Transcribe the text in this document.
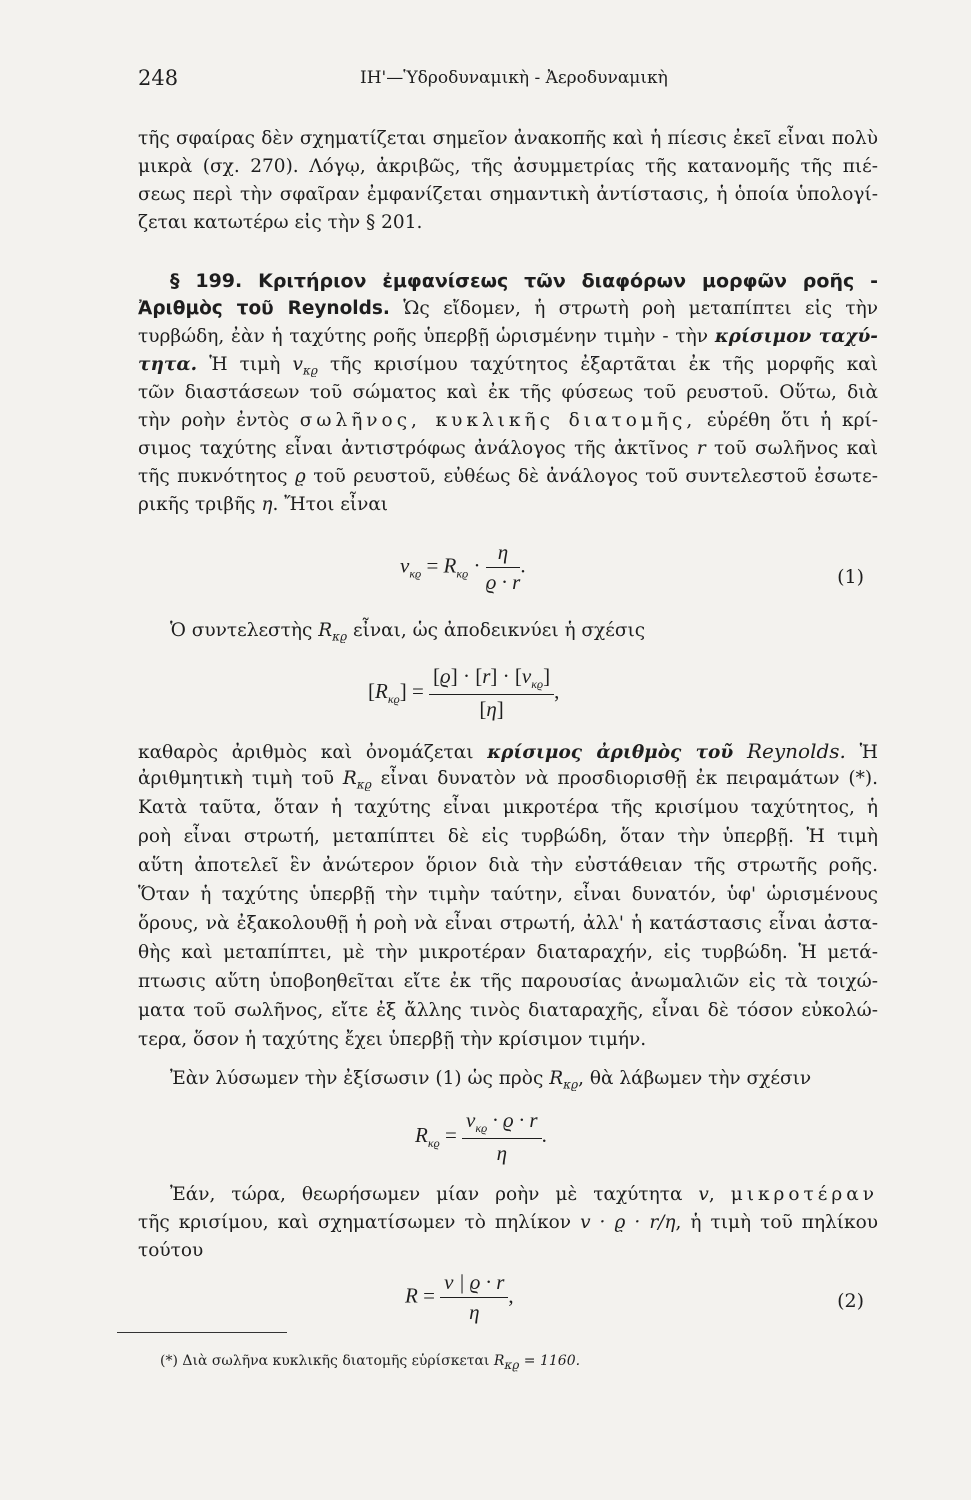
248	ΙΗ'—Ὑδροδυναμικὴ - Ἀεροδυναμικὴ
τῆς σφαίρας δὲν σχηματίζεται σημεῖον ἀνακοπῆς καὶ ἡ πίεσις ἐκεῖ εἶναι πολὺ
μικρὰ (σχ. 270). Λόγῳ, ἀκριβῶς, τῆς ἀσυμμετρίας τῆς κατανομῆς τῆς πιέ-
σεως περὶ τὴν σφαῖραν ἐμφανίζεται σημαντικὴ ἀντίστασις, ἡ ὁποία ὑπολογί-
ζεται κατωτέρω εἰς τὴν § 201.
§ 199. Κριτήριον ἐμφανίσεως τῶν διαφόρων μορφῶν ροῆς -
Ἀριθμὸς τοῦ Reynolds. Ὡς εἴδομεν, ἡ στρωτὴ ροὴ μεταπίπτει εἰς τὴν
τυρβώδη, ἐὰν ἡ ταχύτης ροῆς ὑπερβῇ ὡρισμένην τιμὴν - τὴν κρίσιμον ταχύ-
τητα. Ἡ τιμὴ $v_{\kappa ϱ}$ τῆς κρισίμου ταχύτητος ἐξαρτᾶται ἐκ τῆς μορφῆς καὶ
τῶν διαστάσεων τοῦ σώματος καὶ ἐκ τῆς φύσεως τοῦ ρευστοῦ. Οὕτω, διὰ
τὴν ροὴν ἐντὸς σωλῆνος, κυκλικῆς διατομῆς, εὑρέθη ὅτι ἡ κρί-
σιμος ταχύτης εἶναι ἀντιστρόφως ἀνάλογος τῆς ἀκτῖνος r τοῦ σωλῆνος καὶ
τῆς πυκνότητος ϱ τοῦ ρευστοῦ, εὐθέως δὲ ἀνάλογος τοῦ συντελεστοῦ ἐσωτε-
ρικῆς τριβῆς η. Ἤτοι εἶναι
$v_{\kappa ϱ} = R_{\kappa ϱ} \cdot \frac{\eta}{ϱ \cdot r}$ .	(1)
Ὁ συντελεστὴς $R_{\kappa ϱ}$ εἶναι, ὡς ἀποδεικνύει ἡ σχέσις
$[R_{\kappa ϱ}] = \frac{[ϱ] \cdot [r] \cdot [v_{\kappa ϱ}]}{[\eta]}$ ,
καθαρὸς ἀριθμὸς καὶ ὀνομάζεται κρίσιμος ἀριθμὸς τοῦ Reynolds. Ἡ
ἀριθμητικὴ τιμὴ τοῦ $R_{\kappa ϱ}$ εἶναι δυνατὸν νὰ προσδιορισθῇ ἐκ πειραμάτων (*).
Κατὰ ταῦτα, ὅταν ἡ ταχύτης εἶναι μικροτέρα τῆς κρισίμου ταχύτητος, ἡ
ροὴ εἶναι στρωτή, μεταπίπτει δὲ εἰς τυρβώδη, ὅταν τὴν ὑπερβῇ. Ἡ τιμὴ
αὕτη ἀποτελεῖ ἓν ἀνώτερον ὅριον διὰ τὴν εὐστάθειαν τῆς στρωτῆς ροῆς.
Ὅταν ἡ ταχύτης ὑπερβῇ τὴν τιμὴν ταύτην, εἶναι δυνατόν, ὑφ' ὡρισμένους
ὅρους, νὰ ἐξακολουθῇ ἡ ροὴ νὰ εἶναι στρωτή, ἀλλ' ἡ κατάστασις εἶναι ἀστα-
θὴς καὶ μεταπίπτει, μὲ τὴν μικροτέραν διαταραχήν, εἰς τυρβώδη. Ἡ μετά-
πτωσις αὕτη ὑποβοηθεῖται εἴτε ἐκ τῆς παρουσίας ἀνωμαλιῶν εἰς τὰ τοιχώ-
ματα τοῦ σωλῆνος, εἴτε ἐξ ἄλλης τινὸς διαταραχῆς, εἶναι δὲ τόσον εὐκολώ-
τερα, ὅσον ἡ ταχύτης ἔχει ὑπερβῇ τὴν κρίσιμον τιμήν.
Ἐὰν λύσωμεν τὴν ἐξίσωσιν (1) ὡς πρὸς $R_{\kappa ϱ}$, θὰ λάβωμεν τὴν σχέσιν
$R_{\kappa ϱ} = \frac{v_{\kappa ϱ} \cdot ϱ \cdot r}{\eta}$ .
Ἐάν, τώρα, θεωρήσωμεν μίαν ροὴν μὲ ταχύτητα v, μικροτέραν
τῆς κρισίμου, καὶ σχηματίσωμεν τὸ πηλίκον v · ϱ · r/η, ἡ τιμὴ τοῦ πηλίκου
τούτου
$R = \frac{v | ϱ \cdot r}{\eta}$ ,	(2)
(*) Διὰ σωλῆνα κυκλικῆς διατομῆς εὑρίσκεται $R_{\kappa ϱ} = 1160$.
